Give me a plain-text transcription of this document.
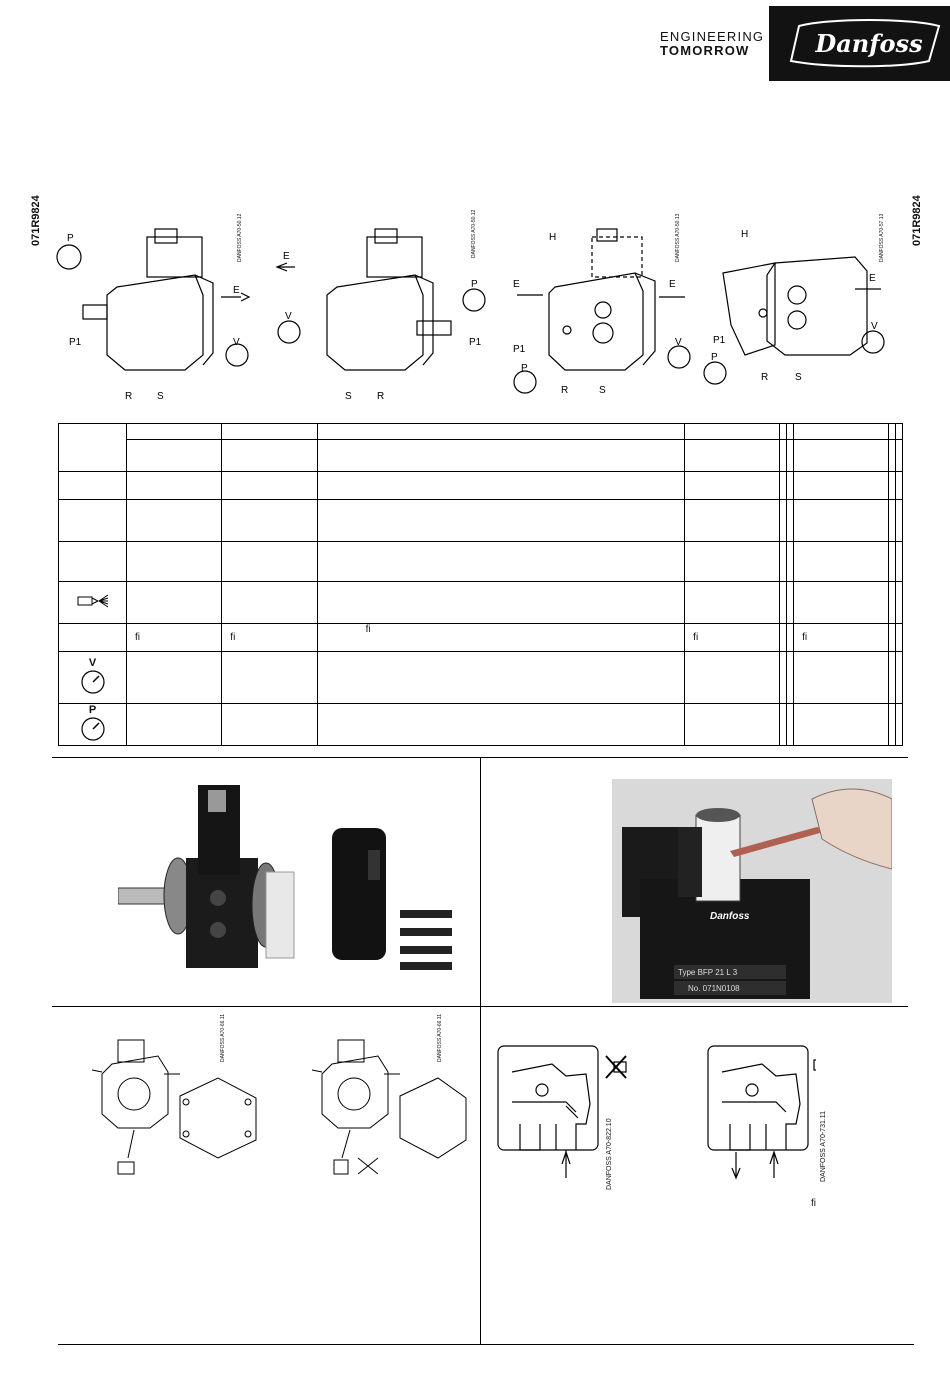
ENGINEERING
TOMORROW	Danfoss
071R9824	071R9824
P
E
V
P1
R S
E
V
P
P1
S	R
H
E	E
P1
V
P
R	S
H
E
P1
V
P
R	S
DANFOSS A70-50.12	DANFOSS A70-50.12	DANFOSS A70-50.13	DANFOSS A70-57.13

	fi	fi	fi	fi			fi		

V									

P									

Danfoss
Type BFP 21 L 3
No. 071N0108
DANFOSS A70-66.11	DANFOSS A70-66.11
DANFOSS A70-822.10	DANFOSS A70-731.11
fi
